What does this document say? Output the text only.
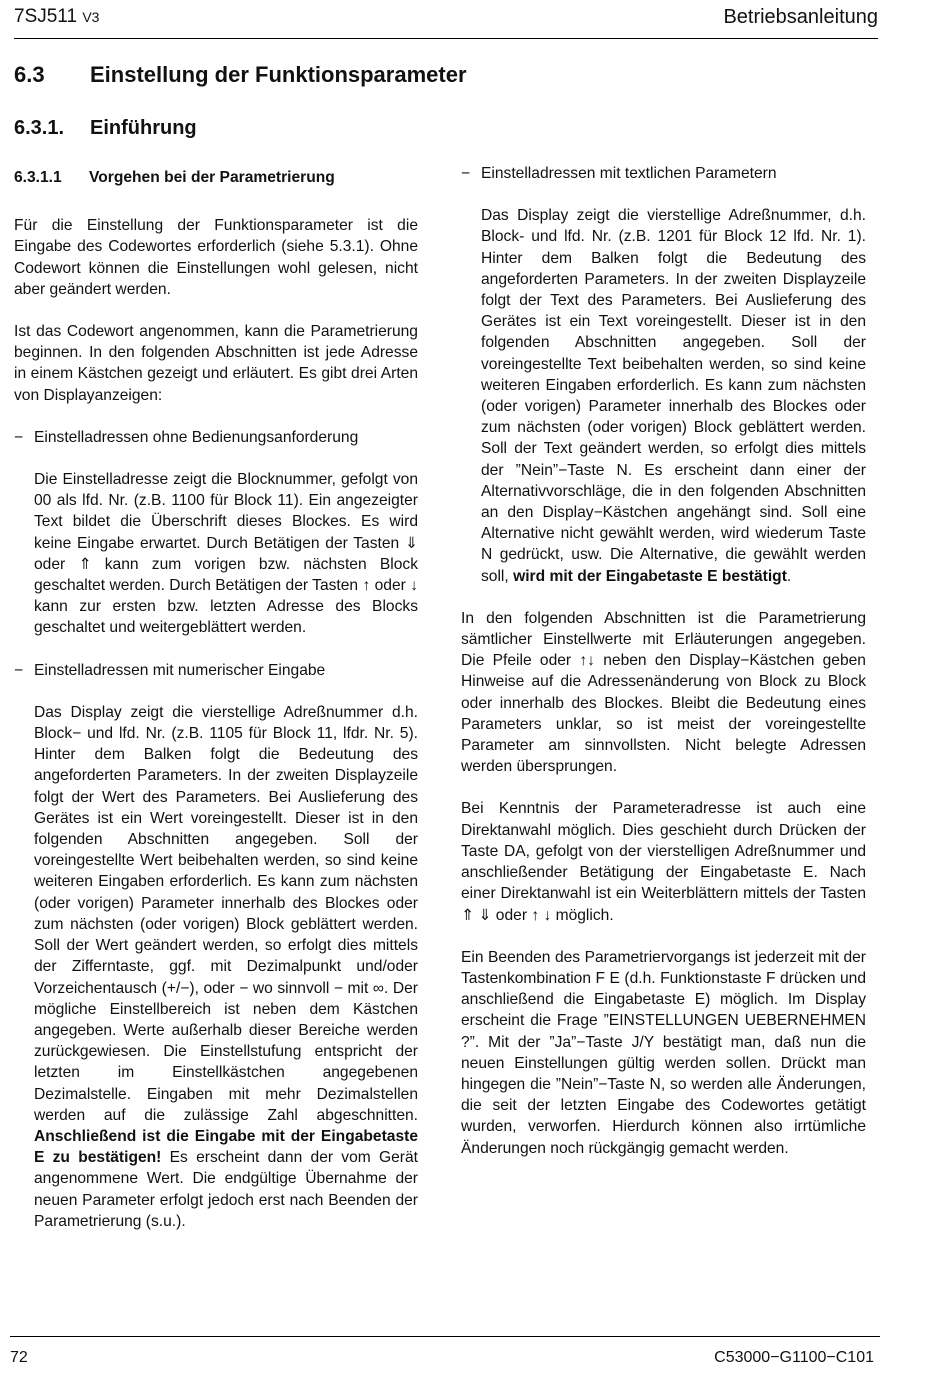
7SJ511 V3	Betriebsanleitung
6.3 Einstellung der Funktionsparameter
6.3.1. Einführung
6.3.1.1 Vorgehen bei der Parametrierung

Für die Einstellung der Funktionsparameter ist die Eingabe des Codewortes erforderlich (siehe 5.3.1). Ohne Codewort können die Einstellungen wohl gelesen, nicht aber geändert werden.

Ist das Codewort angenommen, kann die Parametrierung beginnen. In den folgenden Abschnitten ist jede Adresse in einem Kästchen gezeigt und erläutert. Es gibt drei Arten von Displayanzeigen:

− Einstelladressen ohne Bedienungsanforderung

Die Einstelladresse zeigt die Blocknummer, gefolgt von 00 als lfd. Nr. (z.B. 1100 für Block 11). Ein angezeigter Text bildet die Überschrift dieses Blockes. Es wird keine Eingabe erwartet. Durch Betätigen der Tasten ⇓ oder ⇑ kann zum vorigen bzw. nächsten Block geschaltet werden. Durch Betätigen der Tasten ↑ oder ↓ kann zur ersten bzw. letzten Adresse des Blocks geschaltet und weitergeblättert werden.

− Einstelladressen mit numerischer Eingabe

Das Display zeigt die vierstellige Adreßnummer d.h. Block− und lfd. Nr. (z.B. 1105 für Block 11, lfdr. Nr. 5). Hinter dem Balken folgt die Bedeutung des angeforderten Parameters. In der zweiten Displayzeile folgt der Wert des Parameters. Bei Auslieferung des Gerätes ist ein Wert voreingestellt. Dieser ist in den folgenden Abschnitten angegeben. Soll der voreingestellte Wert beibehalten werden, so sind keine weiteren Eingaben erforderlich. Es kann zum nächsten (oder vorigen) Parameter innerhalb des Blockes oder zum nächsten (oder vorigen) Block geblättert werden. Soll der Wert geändert werden, so erfolgt dies mittels der Zifferntaste, ggf. mit Dezimalpunkt und/oder Vorzeichentausch (+/−), oder − wo sinnvoll − mit ∞. Der mögliche Einstellbereich ist neben dem Kästchen angegeben. Werte außerhalb dieser Bereiche werden zurückgewiesen. Die Einstellstufung entspricht der letzten im Einstellkästchen angegebenen Dezimalstelle. Eingaben mit mehr Dezimalstellen werden auf die zulässige Zahl abgeschnitten. Anschließend ist die Eingabe mit der Eingabetaste E zu bestätigen! Es erscheint dann der vom Gerät angenommene Wert. Die endgültige Übernahme der neuen Parameter erfolgt jedoch erst nach Beenden der Parametrierung (s.u.).

− Einstelladressen mit textlichen Parametern

Das Display zeigt die vierstellige Adreßnummer, d.h. Block- und lfd. Nr. (z.B. 1201 für Block 12 lfd. Nr. 1). Hinter dem Balken folgt die Bedeutung des angeforderten Parameters. In der zweiten Displayzeile folgt der Text des Parameters. Bei Auslieferung des Gerätes ist ein Text voreingestellt. Dieser ist in den folgenden Abschnitten angegeben. Soll der voreingestellte Text beibehalten werden, so sind keine weiteren Eingaben erforderlich. Es kann zum nächsten (oder vorigen) Parameter innerhalb des Blockes oder zum nächsten (oder vorigen) Block geblättert werden. Soll der Text geändert werden, so erfolgt dies mittels der ”Nein”−Taste N. Es erscheint dann einer der Alternativvorschläge, die in den folgenden Abschnitten an den Display−Kästchen angehängt sind. Soll eine Alternative nicht gewählt werden, wird wiederum Taste N gedrückt, usw. Die Alternative, die gewählt werden soll, wird mit der Eingabetaste E bestätigt.

In den folgenden Abschnitten ist die Parametrierung sämtlicher Einstellwerte mit Erläuterungen angegeben. Die Pfeile oder ↑↓ neben den Display−Kästchen geben Hinweise auf die Adressenänderung von Block zu Block oder innerhalb des Blockes. Bleibt die Bedeutung eines Parameters unklar, so ist meist der voreingestellte Parameter am sinnvollsten. Nicht belegte Adressen werden übersprungen.

Bei Kenntnis der Parameteradresse ist auch eine Direktanwahl möglich. Dies geschieht durch Drücken der Taste DA, gefolgt von der vierstelligen Adreßnummer und anschließender Betätigung der Eingabetaste E. Nach einer Direktanwahl ist ein Weiterblättern mittels der Tasten ⇑ ⇓ oder ↑ ↓ möglich.

Ein Beenden des Parametriervorgangs ist jederzeit mit der Tastenkombination F E (d.h. Funktionstaste F drücken und anschließend die Eingabetaste E) möglich. Im Display erscheint die Frage ”EINSTELLUNGEN UEBERNEHMEN ?”. Mit der ”Ja”−Taste J/Y bestätigt man, daß nun die neuen Einstellungen gültig werden sollen. Drückt man hingegen die ”Nein”−Taste N, so werden alle Änderungen, die seit der letzten Eingabe des Codewortes getätigt wurden, verworfen. Hierdurch können also irrtümliche Änderungen noch rückgängig gemacht werden.

72	C53000−G1100−C101
